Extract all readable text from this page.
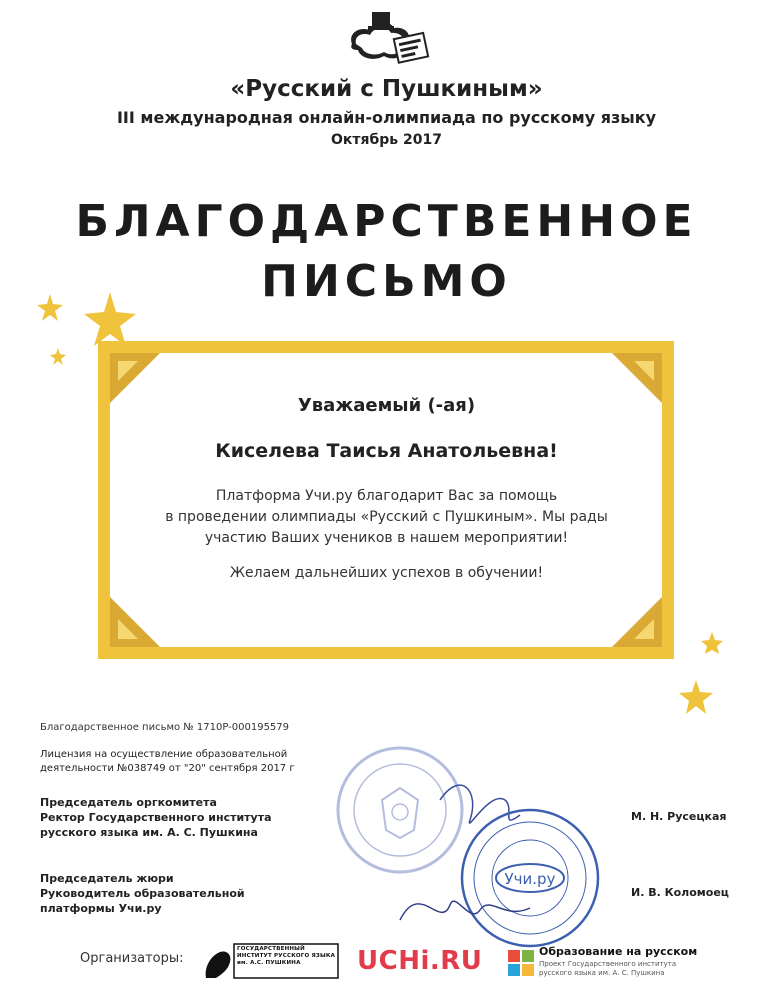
«Русский с Пушкиным»
III международная онлайн-олимпиада по русскому языку
Октябрь 2017
БЛАГОДАРСТВЕННОЕ
ПИСЬМО
Уважаемый (-ая)
Киселева Таисья Анатольевна!
Платформа Учи.ру благодарит Вас за помощь
в проведении олимпиады «Русский с Пушкиным». Мы рады
участию Ваших учеников в нашем мероприятии!
Желаем дальнейших успехов в обучении!
Благодарственное письмо № 1710P-000195579
Лицензия на осуществление образовательной
деятельности №038749 от "20" сентября 2017 г
Председатель оргкомитета
Ректор Государственного института
русского языка им. А. С. Пушкина
М. Н. Русецкая
Председатель жюри
Руководитель образовательной
платформы Учи.ру
И. В. Коломоец
Учи.ру
Организаторы:
ГОСУДАРСТВЕННЫЙ
ИНСТИТУТ РУССКОГО ЯЗЫКА
им. А.С. ПУШКИНА	UCHi.RU	Образование на русском
Проект Государственного института
русского языка им. А. С. Пушкина
